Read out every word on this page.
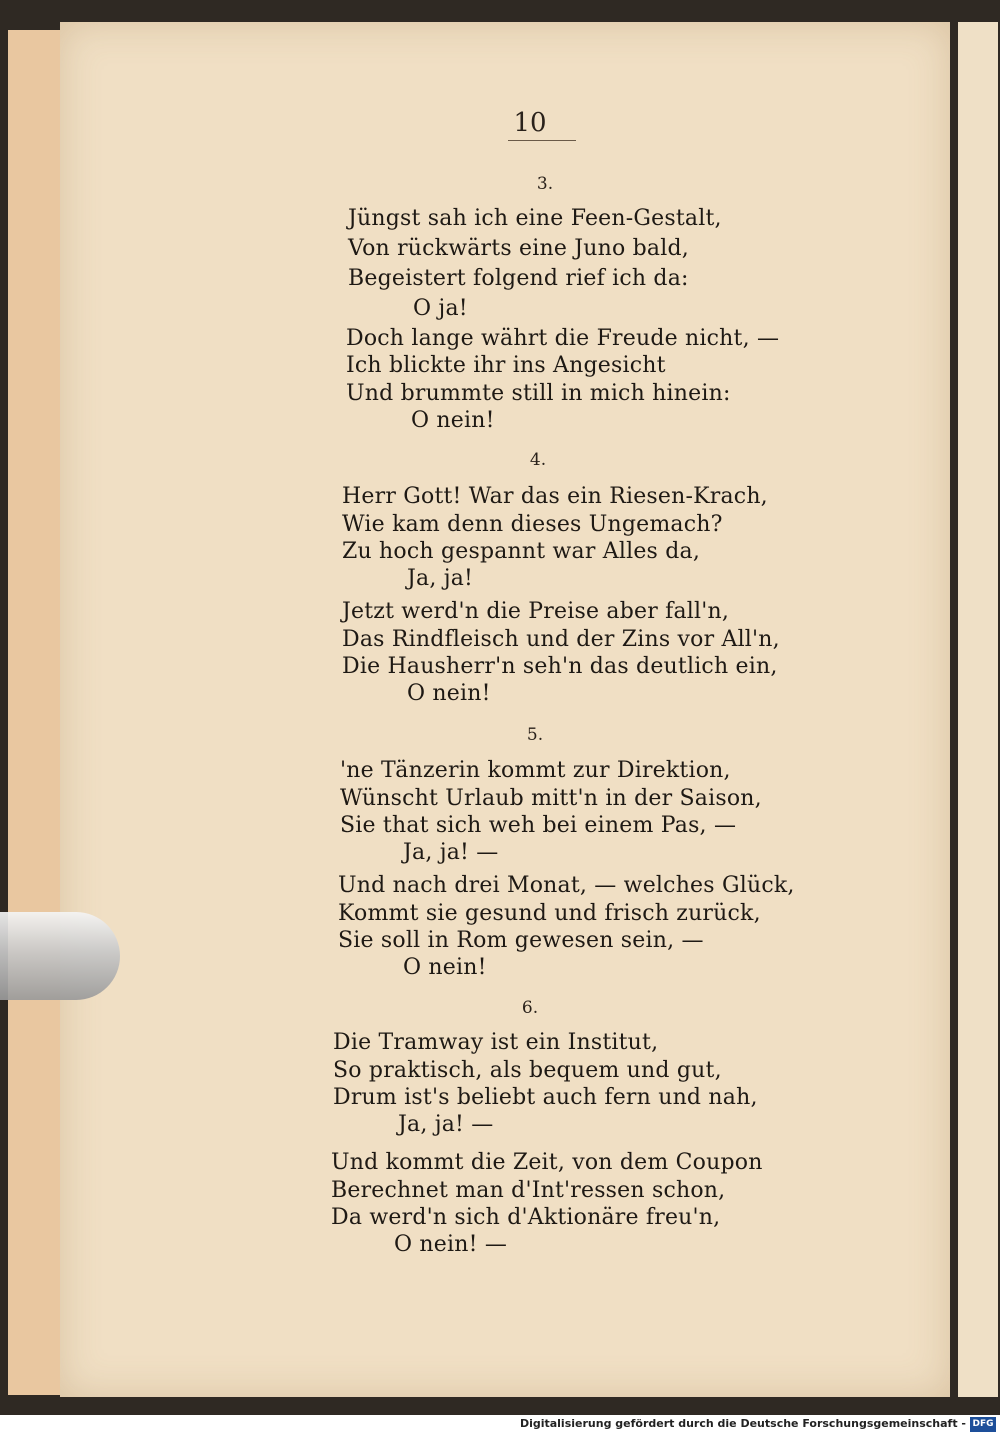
10
3.
Jüngst sah ich eine Feen-Gestalt,
Von rückwärts eine Juno bald,
Begeistert folgend rief ich da:
O ja!
Doch lange währt die Freude nicht, —
Ich blickte ihr ins Angesicht
Und brummte still in mich hinein:
O nein!
4.
Herr Gott! War das ein Riesen-Krach,
Wie kam denn dieses Ungemach?
Zu hoch gespannt war Alles da,
Ja, ja!
Jetzt werd'n die Preise aber fall'n,
Das Rindfleisch und der Zins vor All'n,
Die Hausherr'n seh'n das deutlich ein,
O nein!
5.
'ne Tänzerin kommt zur Direktion,
Wünscht Urlaub mitt'n in der Saison,
Sie that sich weh bei einem Pas, —
Ja, ja! —
Und nach drei Monat, — welches Glück,
Kommt sie gesund und frisch zurück,
Sie soll in Rom gewesen sein, —
O nein!
6.
Die Tramway ist ein Institut,
So praktisch, als bequem und gut,
Drum ist's beliebt auch fern und nah,
Ja, ja! —
Und kommt die Zeit, von dem Coupon
Berechnet man d'Int'ressen schon,
Da werd'n sich d'Aktionäre freu'n,
O nein! —
Digitalisierung gefördert durch die Deutsche Forschungsgemeinschaft - DFG
